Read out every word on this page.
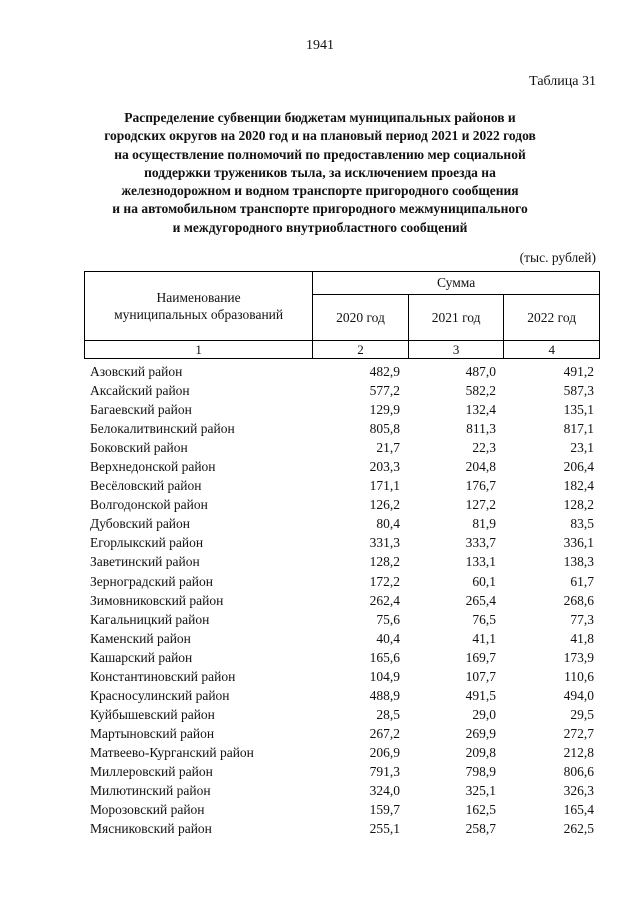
1941
Таблица 31
Распределение субвенции бюджетам муниципальных районов и
городских округов на 2020 год и на плановый период 2021 и 2022 годов
на осуществление полномочий по предоставлению мер социальной
поддержки тружеников тыла, за исключением проезда на
железнодорожном и водном транспорте пригородного сообщения
и на автомобильном транспорте пригородного межмуниципального
и междугородного внутриобластного сообщений
(тыс. рублей)
Наименование
муниципальных образований	Сумма		
	2020 год	2021 год	2022 год
1	2	3	4
Азовский район	482,9	487,0	491,2
Аксайский район	577,2	582,2	587,3
Багаевский район	129,9	132,4	135,1
Белокалитвинский район	805,8	811,3	817,1
Боковский район	21,7	22,3	23,1
Верхнедонской район	203,3	204,8	206,4
Весёловский район	171,1	176,7	182,4
Волгодонской район	126,2	127,2	128,2
Дубовский район	80,4	81,9	83,5
Егорлыкский район	331,3	333,7	336,1
Заветинский район	128,2	133,1	138,3
Зерноградский район	172,2	60,1	61,7
Зимовниковский район	262,4	265,4	268,6
Кагальницкий район	75,6	76,5	77,3
Каменский район	40,4	41,1	41,8
Кашарский район	165,6	169,7	173,9
Константиновский район	104,9	107,7	110,6
Красносулинский район	488,9	491,5	494,0
Куйбышевский район	28,5	29,0	29,5
Мартыновский район	267,2	269,9	272,7
Матвеево-Курганский район	206,9	209,8	212,8
Миллеровский район	791,3	798,9	806,6
Милютинский район	324,0	325,1	326,3
Морозовский район	159,7	162,5	165,4
Мясниковский район	255,1	258,7	262,5
